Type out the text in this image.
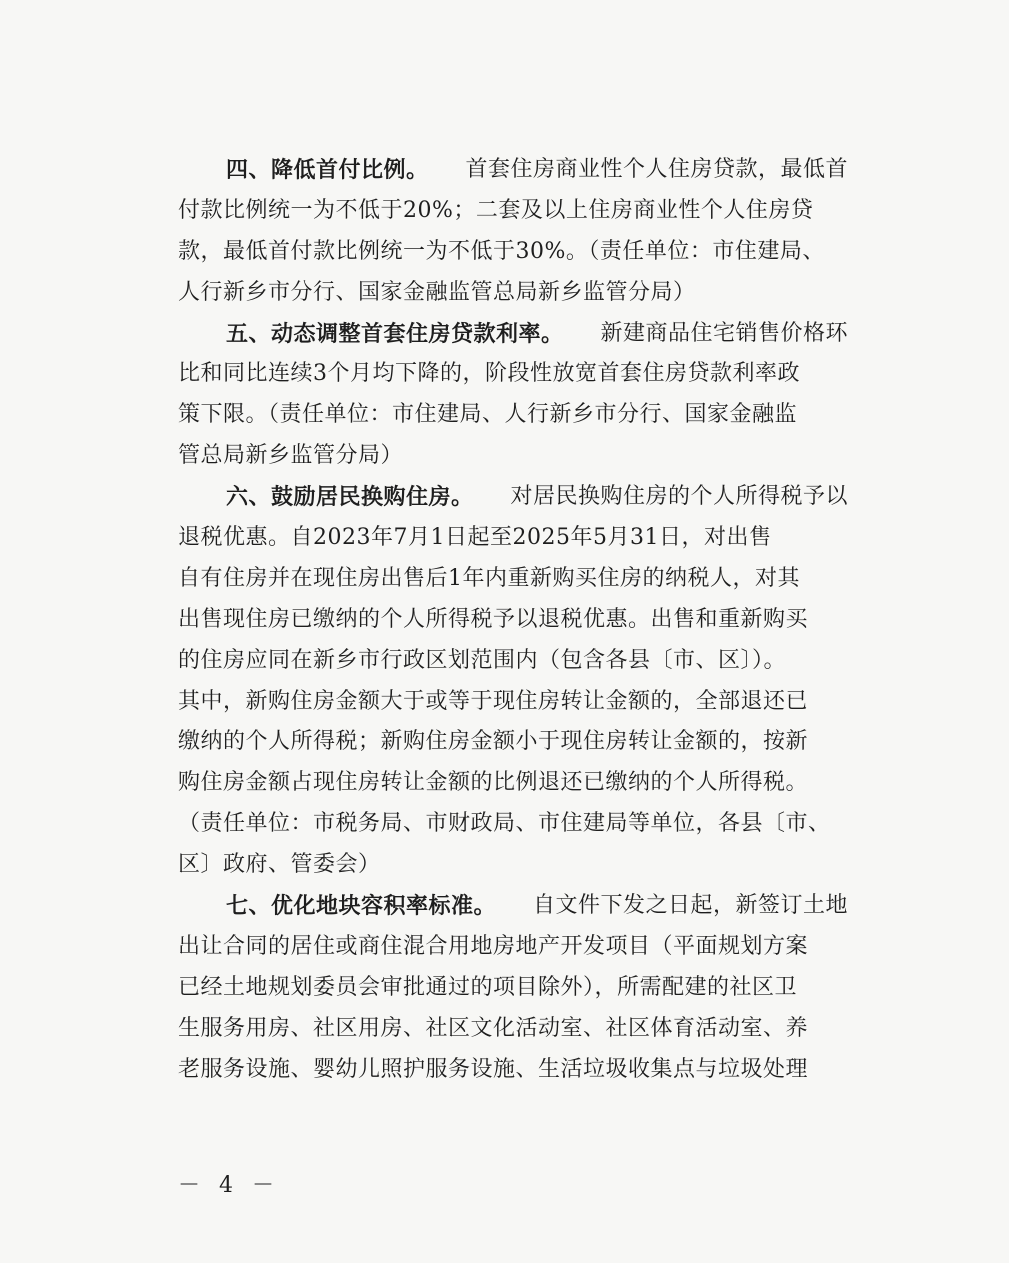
四、降低首付比例。 首套住房商业性个人住房贷款，最低首
付款比例统一为不低于20%；二套及以上住房商业性个人住房贷
款，最低首付款比例统一为不低于30%。（责任单位：市住建局、
人行新乡市分行、国家金融监管总局新乡监管分局）
五、动态调整首套住房贷款利率。 新建商品住宅销售价格环
比和同比连续3个月均下降的，阶段性放宽首套住房贷款利率政
策下限。（责任单位：市住建局、人行新乡市分行、国家金融监
管总局新乡监管分局）
六、鼓励居民换购住房。 对居民换购住房的个人所得税予以
退税优惠。自2023年7月1日起至2025年5月31日，对出售
自有住房并在现住房出售后1年内重新购买住房的纳税人，对其
出售现住房已缴纳的个人所得税予以退税优惠。出售和重新购买
的住房应同在新乡市行政区划范围内（包含各县〔市、区〕）。
其中，新购住房金额大于或等于现住房转让金额的，全部退还已
缴纳的个人所得税；新购住房金额小于现住房转让金额的，按新
购住房金额占现住房转让金额的比例退还已缴纳的个人所得税。
（责任单位：市税务局、市财政局、市住建局等单位，各县〔市、
区〕政府、管委会）
七、优化地块容积率标准。 自文件下发之日起，新签订土地
出让合同的居住或商住混合用地房地产开发项目（平面规划方案
已经土地规划委员会审批通过的项目除外），所需配建的社区卫
生服务用房、社区用房、社区文化活动室、社区体育活动室、养
老服务设施、婴幼儿照护服务设施、生活垃圾收集点与垃圾处理
－ 4 －
